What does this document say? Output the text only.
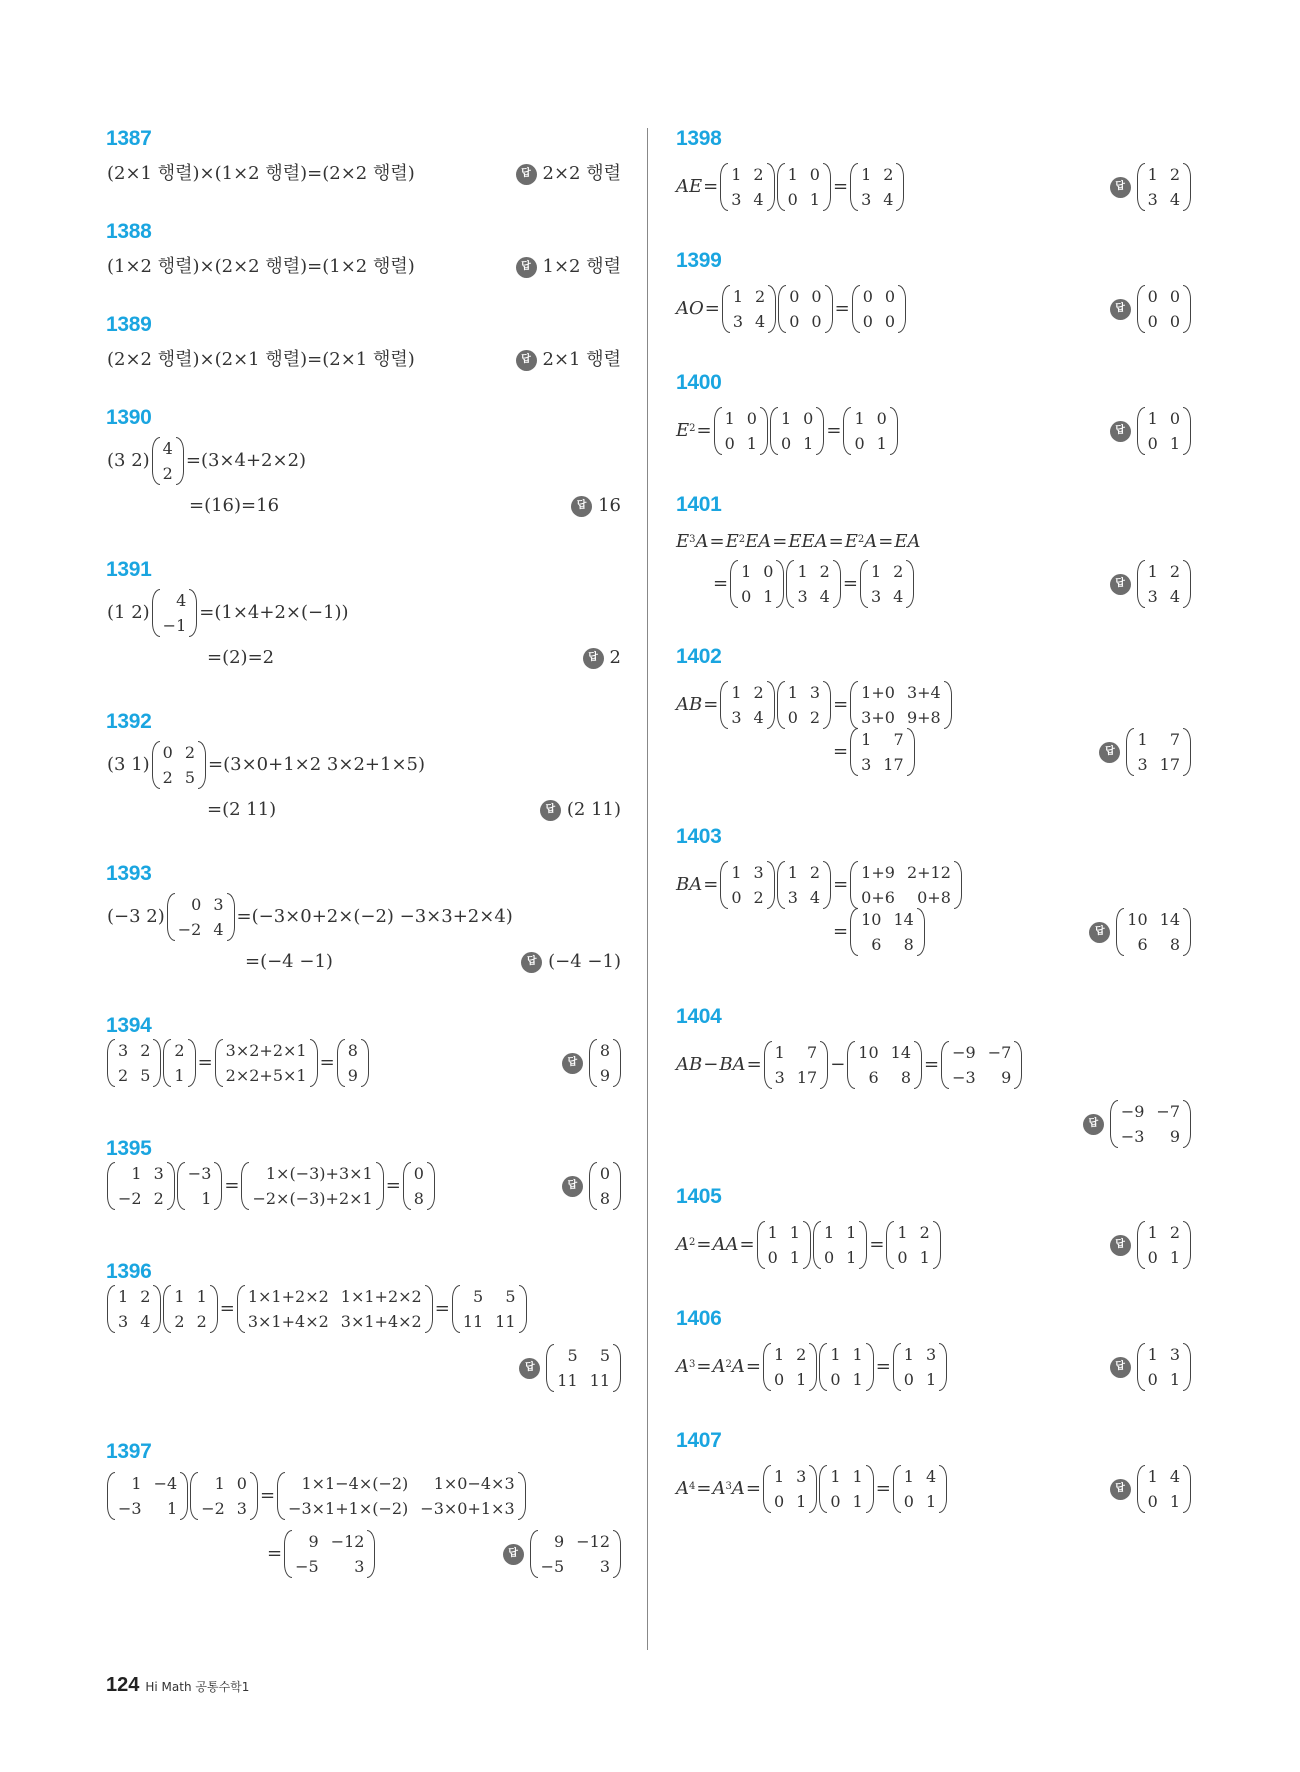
1387
(2×1 행렬)×(1×2 행렬)=(2×2 행렬)	답 2×2 행렬
1388
(1×2 행렬)×(2×2 행렬)=(1×2 행렬)	답 1×2 행렬
1389
(2×2 행렬)×(2×1 행렬)=(2×1 행렬)	답 2×1 행렬
1390
(3 2)
4
2
=(3×4+2×2)
=(16)=16	답 16
1391
(1 2)
4
−1
=(1×4+2×(−1))
=(2)=2	답 2
1392
(3 1)
0 2
2 5
=(3×0+1×2 3×2+1×5)
=(2 11)	답 (2 11)
1393
(−3 2)
0 3
−2 4
=(−3×0+2×(−2) −3×3+2×4)
=(−4 −1)	답 (−4 −1)
1394
3 2
2 5
2
1
=
3×2+2×1
2×2+5×1
=
8
9
답
8
9
1395
1 3
−2 2
−3
1
=
1×(−3)+3×1
−2×(−3)+2×1
=
0
8
답
0
8
1396
1 2
3 4
1 1
2 2
=
1×1+2×2 1×1+2×2
3×1+4×2 3×1+4×2
=
5	5
11 11
답
5	5
11 11
1397
1 −4
−3	1
1 0
−2 3
=
1×1−4×(−2)	1×0−4×3
−3×1+1×(−2) −3×0+1×3
=
9 −12
−5	3
답
9 −12
−5	3
1398
AE =
1 2
3 4
1 0
0 1
=
1 2
3 4
답
1 2
3 4
1399
AO =
1 2
3 4
0 0
0 0
=
0 0
0 0
답
0 0
0 0
1400
$E^2$ =
1 0
0 1
1 0
0 1
=
1 0
0 1
답
1 0
0 1
1401
$E^3$ $A = E^2$ EA = EEA = $E^2$ A = EA
=
1 0
0 1
1 2
3 4
=
1 2
3 4
답
1 2
3 4
1402
AB =
1 2
3 4
1 3
0 2
=
1+0 3+4
3+0 9+8
=
1	7
3 17
답
1	7
3 17
1403
BA =
1 3
0 2
1 2
3 4
=
1+9 2+12
0+6	0+8
=
10 14
6	8
답
10 14
6	8
1404
AB − BA =
1	7
3 17
−
10 14
6	8
=
−9 −7
−3	9
답
−9 −7
−3	9
1405
$A^2$ = AA =
1 1
0 1
1 1
0 1
=
1 2
0 1
답
1 2
0 1
1406
$A^3 = A^2$ A =
1 2
0 1
1 1
0 1
=
1 3
0 1
답
1 3
0 1
1407
$A^4 = A^3$ A =
1 3
0 1
1 1
0 1
=
1 4
0 1
답
1 4
0 1
124 Hi Math 공통수학1
